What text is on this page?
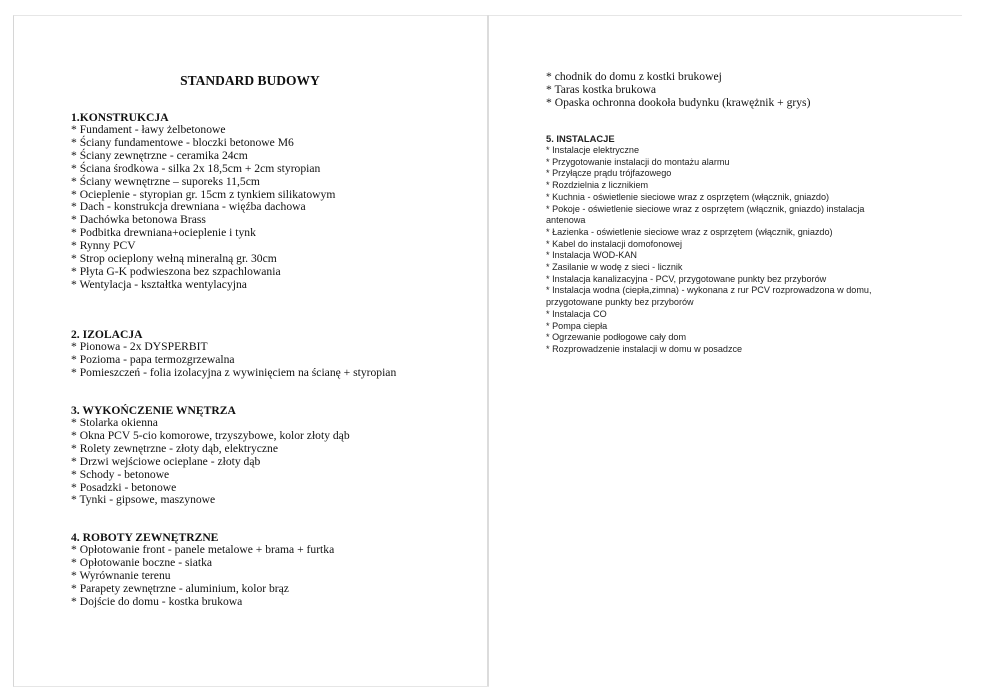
STANDARD BUDOWY
1.KONSTRUKCJA
* Fundament - ławy żelbetonowe
* Ściany fundamentowe - bloczki betonowe M6
* Ściany zewnętrzne - ceramika 24cm
* Ściana środkowa - silka 2x 18,5cm + 2cm styropian
* Ściany wewnętrzne – suporeks 11,5cm
* Ocieplenie - styropian gr. 15cm z tynkiem silikatowym
* Dach - konstrukcja drewniana - więźba dachowa
* Dachówka betonowa Brass
* Podbitka drewniana+ocieplenie i tynk
* Rynny PCV
* Strop ocieplony wełną mineralną gr. 30cm
* Płyta G-K podwieszona bez szpachlowania
* Wentylacja - kształtka wentylacyjna
2. IZOLACJA
* Pionowa - 2x DYSPERBIT
* Pozioma - papa termozgrzewalna
* Pomieszczeń - folia izolacyjna z wywinięciem na ścianę + styropian
3. WYKOŃCZENIE WNĘTRZA
* Stolarka okienna
* Okna PCV 5-cio komorowe, trzyszybowe, kolor złoty dąb
* Rolety zewnętrzne - złoty dąb, elektryczne
* Drzwi wejściowe ocieplane - złoty dąb
* Schody - betonowe
* Posadzki - betonowe
* Tynki - gipsowe, maszynowe
4. ROBOTY ZEWNĘTRZNE
* Opłotowanie front - panele metalowe + brama + furtka
* Opłotowanie boczne - siatka
* Wyrównanie terenu
* Parapety zewnętrzne - aluminium, kolor brąz
* Dojście do domu - kostka brukowa
* chodnik do domu z kostki brukowej
* Taras kostka brukowa
* Opaska ochronna dookoła budynku (krawężnik + grys)
5. INSTALACJE
* Instalacje elektryczne
* Przygotowanie instalacji do montażu alarmu
* Przyłącze prądu trójfazowego
* Rozdzielnia z licznikiem
* Kuchnia - oświetlenie sieciowe wraz z osprzętem (włącznik, gniazdo)
* Pokoje - oświetlenie sieciowe wraz z osprzętem (włącznik, gniazdo) instalacja
antenowa
* Łazienka - oświetlenie sieciowe wraz z osprzętem (włącznik, gniazdo)
* Kabel do instalacji domofonowej
* Instalacja WOD-KAN
* Zasilanie w wodę z sieci - licznik
* Instalacja kanalizacyjna - PCV, przygotowane punkty bez przyborów
* Instalacja wodna (ciepła,zimna) - wykonana z rur PCV rozprowadzona w domu,
przygotowane punkty bez przyborów
* Instalacja CO
* Pompa ciepła
* Ogrzewanie podłogowe cały dom
* Rozprowadzenie instalacji w domu w posadzce
